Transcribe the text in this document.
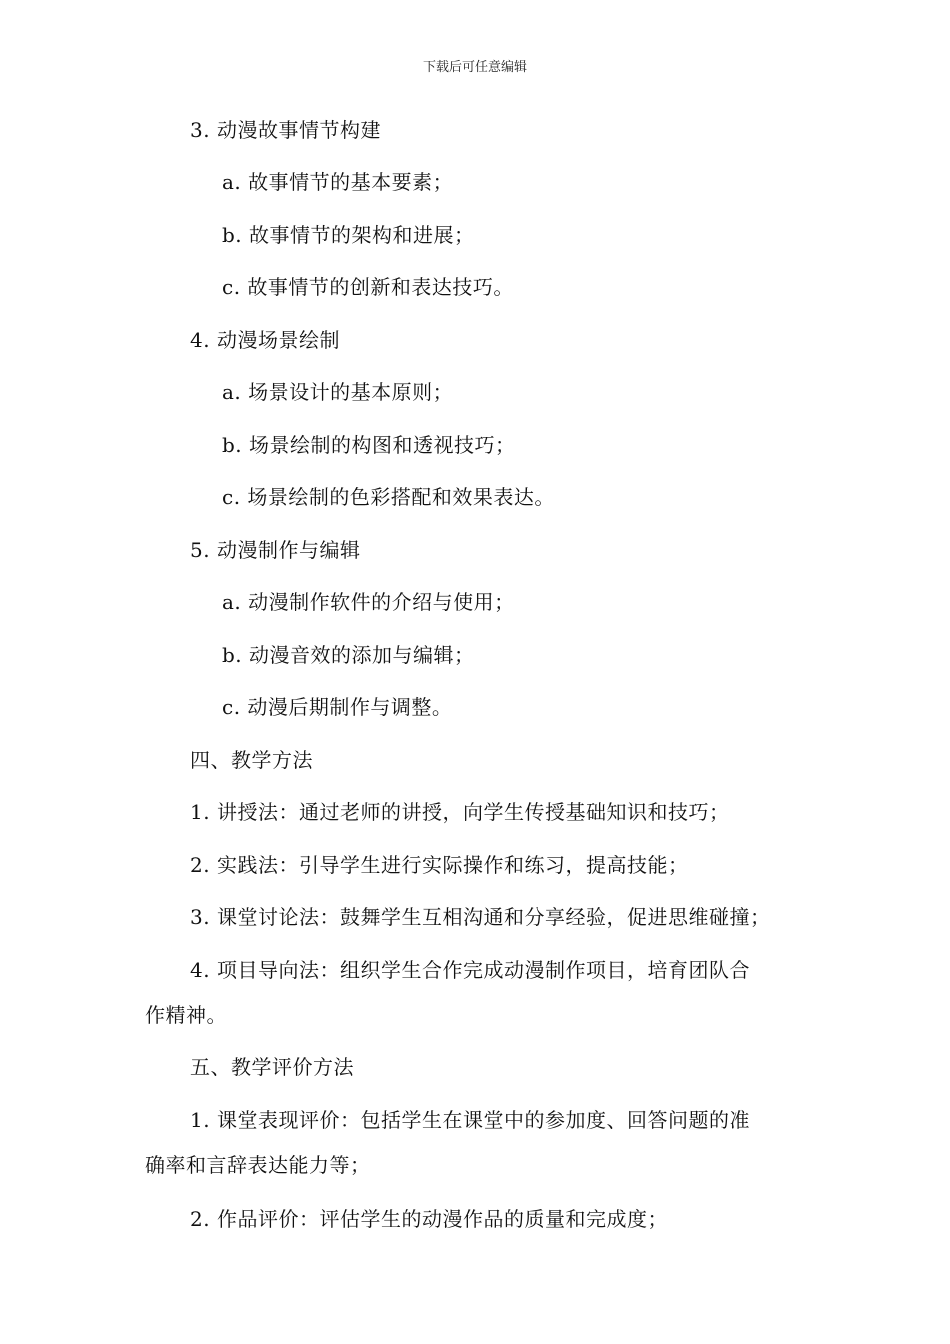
下载后可任意编辑
3. 动漫故事情节构建
a. 故事情节的基本要素；
b. 故事情节的架构和进展；
c. 故事情节的创新和表达技巧。
4. 动漫场景绘制
a. 场景设计的基本原则；
b. 场景绘制的构图和透视技巧；
c. 场景绘制的色彩搭配和效果表达。
5. 动漫制作与编辑
a. 动漫制作软件的介绍与使用；
b. 动漫音效的添加与编辑；
c. 动漫后期制作与调整。
四、教学方法
1. 讲授法：通过老师的讲授，向学生传授基础知识和技巧；
2. 实践法：引导学生进行实际操作和练习，提高技能；
3. 课堂讨论法：鼓舞学生互相沟通和分享经验，促进思维碰撞；
4. 项目导向法：组织学生合作完成动漫制作项目，培育团队合
作精神。
五、教学评价方法
1. 课堂表现评价：包括学生在课堂中的参加度、回答问题的准
确率和言辞表达能力等；
2. 作品评价：评估学生的动漫作品的质量和完成度；
